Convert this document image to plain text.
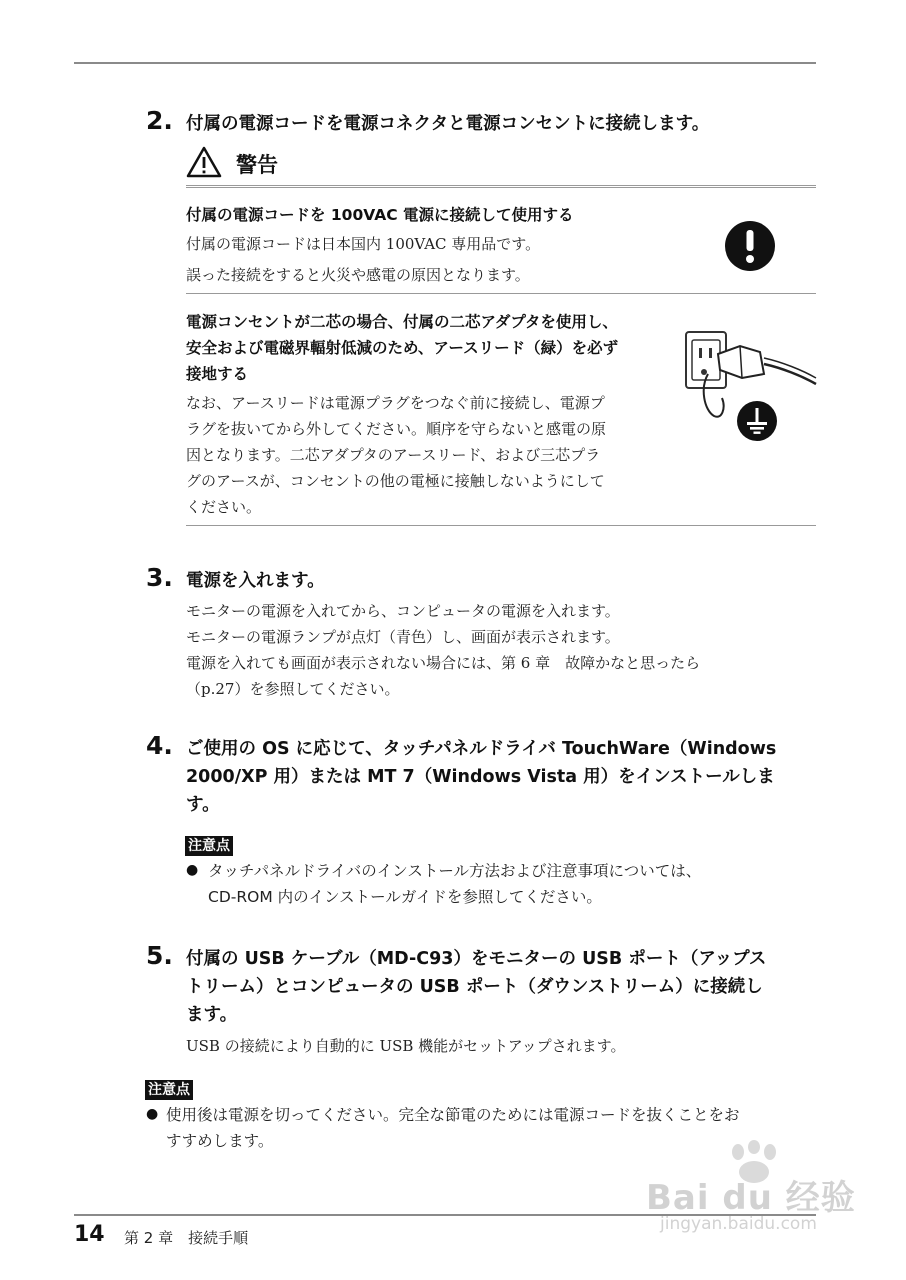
2. 付属の電源コードを電源コネクタと電源コンセントに接続します。
警告
付属の電源コードを 100VAC 電源に接続して使用する
付属の電源コードは日本国内 100VAC 専用品です。
誤った接続をすると火災や感電の原因となります。
電源コンセントが二芯の場合、付属の二芯アダプタを使用し、
安全および電磁界輻射低減のため、アースリード（緑）を必ず
接地する
なお、アースリードは電源プラグをつなぐ前に接続し、電源プ
ラグを抜いてから外してください。順序を守らないと感電の原
因となります。二芯アダプタのアースリード、および三芯プラ
グのアースが、コンセントの他の電極に接触しないようにして
ください。
3. 電源を入れます。
モニターの電源を入れてから、コンピュータの電源を入れます。
モニターの電源ランプが点灯（青色）し、画面が表示されます。
電源を入れても画面が表示されない場合には、第 6 章　故障かなと思ったら
（p.27）を参照してください。
4. ご使用の OS に応じて、タッチパネルドライバ TouchWare（Windows
2000/XP 用）または MT 7（Windows Vista 用）をインストールしま
す。
注意点
● タッチパネルドライバのインストール方法および注意事項については、
CD-ROM 内のインストールガイドを参照してください。
5. 付属の USB ケーブル（MD-C93）をモニターの USB ポート（アップス
トリーム）とコンピュータの USB ポート（ダウンストリーム）に接続し
ます。
USB の接続により自動的に USB 機能がセットアップされます。
注意点
● 使用後は電源を切ってください。完全な節電のためには電源コードを抜くことをお
すすめします。
Bai du 经验
jingyan.baidu.com
14 第 2 章　接続手順
